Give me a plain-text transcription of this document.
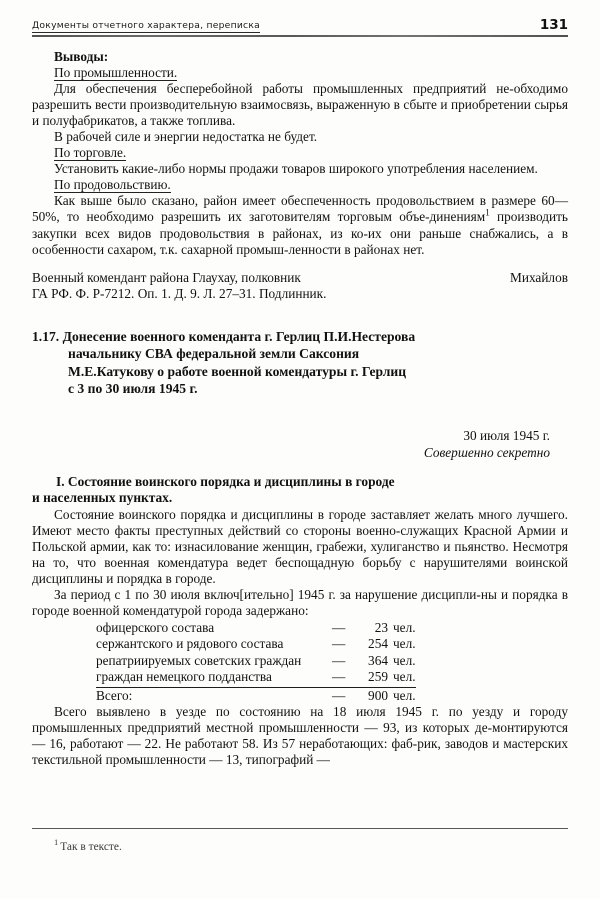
Документы отчетного характера, переписка	131

Выводы:

По промышленности.

Для обеспечения бесперебойной работы промышленных предприятий не-обходимо разрешить вести производительную взаимосвязь, выраженную в сбыте и приобретении сырья и полуфабрикатов, а также топлива.

В рабочей силе и энергии недостатка не будет.

По торговле.

Установить какие-либо нормы продажи товаров широкого употребления населением.

По продовольствию.

Как выше было сказано, район имеет обеспеченность продовольствием в размере 60—50%, то необходимо разрешить их заготовителям торговым объе-динениям$^1$ производить закупки всех видов продовольствия в районах, из ко-их они раньше снабжались, а в особенности сахаром, т.к. сахарной промыш-ленности в районах нет.

Военный комендант района Глаухау, полковник	Михайлов
ГА РФ. Ф. Р-7212. Оп. 1. Д. 9. Л. 27–31. Подлинник.
1.17. Донесение военного коменданта г. Герлиц П.И.Нестерова
начальнику СВА федеральной земли Саксония
М.Е.Катукову о работе военной комендатуры г. Герлиц
с 3 по 30 июля 1945 г.
30 июля 1945 г.
Совершенно секретно
I. Состояние воинского порядка и дисциплины в городе
и населенных пунктах.

Состояние воинского порядка и дисциплины в городе заставляет желать много лучшего. Имеют место факты преступных действий со стороны военно-служащих Красной Армии и Польской армии, как то: изнасилование женщин, грабежи, хулиганство и пьянство. Несмотря на то, что военная комендатура ведет беспощадную борьбу с нарушителями воинской дисциплины и порядка в городе.

За период с 1 по 30 июля включ[ительно] 1945 г. за нарушение дисципли-ны и порядка в городе военной комендатурой города задержано:

офицерского состава	—	23 чел.
сержантского и рядового состава	—	254 чел.
репатриируемых советских граждан	—	364 чел.
граждан немецкого подданства	—	259 чел.
Всего:	—	900 чел.

Всего выявлено в уезде по состоянию на 18 июля 1945 г. по уезду и городу промышленных предприятий местной промышленности — 93, из которых де-монтируются — 16, работают — 22. Не работают 58. Из 57 неработающих: фаб-рик, заводов и мастерских текстильной промышленности — 13, типографий —

$^1$ Так в тексте.
